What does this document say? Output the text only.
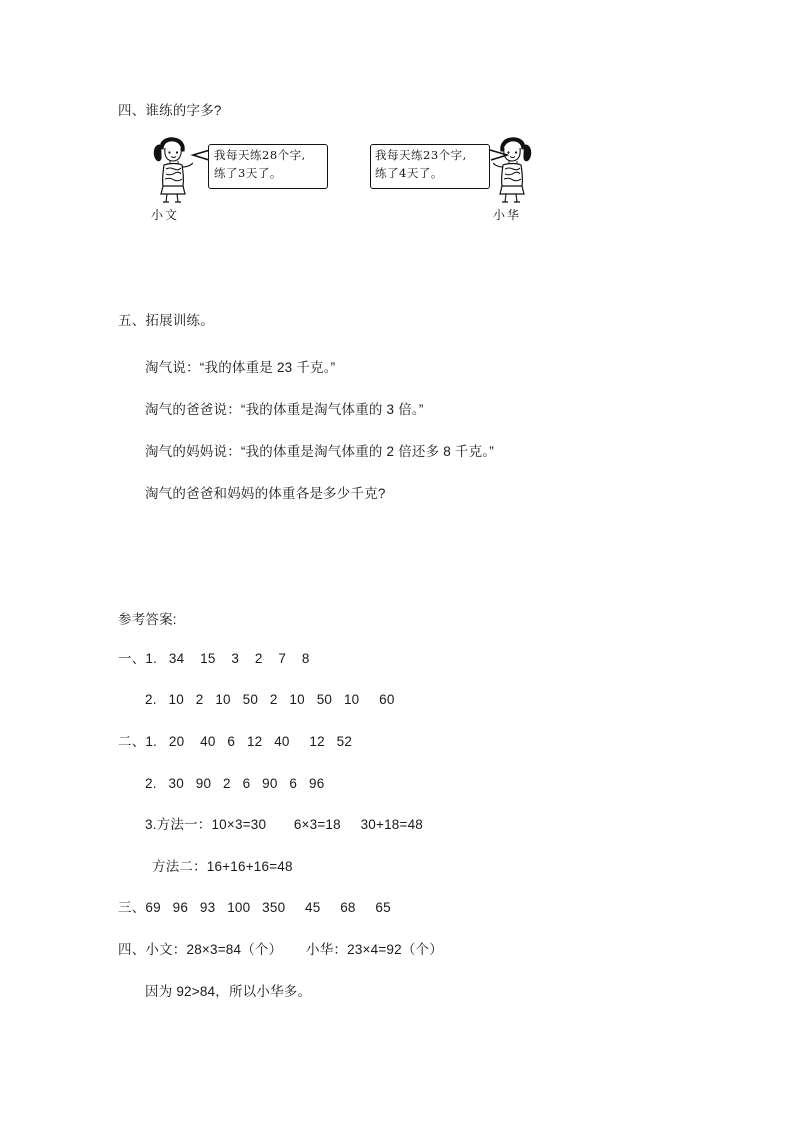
四、谁练的字多?
小文
我每天练28个字,
练了3天了。
我每天练23个字,
练了4天了。
小华
五、拓展训练。
淘气说：“我的体重是 23 千克。”
淘气的爸爸说：“我的体重是淘气体重的 3 倍。”
淘气的妈妈说：“我的体重是淘气体重的 2 倍还多 8 千克。”
淘气的爸爸和妈妈的体重各是多少千克?
参考答案:
一、1.   34    15    3    2    7    8
2.   10   2   10   50   2   10   50   10     60
二、1.   20    40   6   12   40     12   52
2.   30   90   2   6   90   6   96
3.方法一：10×3=30       6×3=18     30+18=48
方法二：16+16+16=48
三、69   96   93   100   350     45     68     65
四、小文：28×3=84（个）      小华：23×4=92（个）
因为 92>84，所以小华多。
